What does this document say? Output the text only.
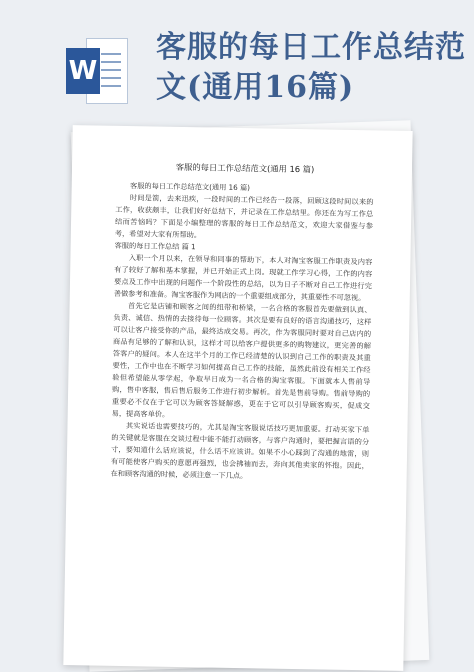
W
客服的每日工作总结范文(通用16篇)
客服的每日工作总结范文(通用 16 篇)

客服的每日工作总结范文(通用 16 篇)

时间是箭，去来迅疾，一段时间的工作已经告一段落，回顾这段时间以来的工作，收获颇丰，让我们好好总结下，并记录在工作总结里。你还在为写工作总结而苦恼吗？下面是小编整理的客服的每日工作总结范文，欢迎大家借鉴与参考，希望对大家有所帮助。

客服的每日工作总结 篇 1

入职一个月以来，在领导和同事的帮助下，本人对淘宝客服工作职责及内容有了较好了解和基本掌握，并已开始正式上岗。现就工作学习心得，工作的内容要点及工作中出现的问题作一个阶段性的总结，以为日子不断对自己工作进行完善做参考和准备。淘宝客服作为网店的一个重要组成部分，其重要性不可忽视。

首先它是店铺和顾客之间的纽带和桥梁，一名合格的客服首先要做到认真、负责、诚信、热情的去接待每一位顾客。其次是要有良好的语言沟通技巧，这样可以让客户接受你的产品，最终达成交易。再次，作为客服同时要对自己店内的商品有足够的了解和认识，这样才可以给客户提供更多的购物建议，更完善的解答客户的疑问。本人在这半个月的工作已经清楚的认识到自己工作的职责及其重要性，工作中也在不断学习如何提高自己工作的技能，虽然此前没有相关工作经验但希望能从零学起，争取早日成为一名合格的淘宝客服。下面就本人售前导购，售中客服，售后售后服务工作进行初步解析。首先是售前导购。售前导购的重要必不仅在于它可以为顾客答疑解惑，更在于它可以引导顾客购买，促成交易，提高客单价。

其实说话也需要技巧的，尤其是淘宝客服说话技巧更加重要。打动买家下单的关键就是客服在交谈过程中能不能打动顾客，与客户沟通时，要把握言语的分寸，要知道什么话应该说，什么话不应该讲。如果不小心踩到了沟通的地雷，则有可能使客户购买的意愿再强烈，也会拂袖而去，奔向其他卖家的怀抱。因此，在和顾客沟通的时候，必须注意一下几点。
